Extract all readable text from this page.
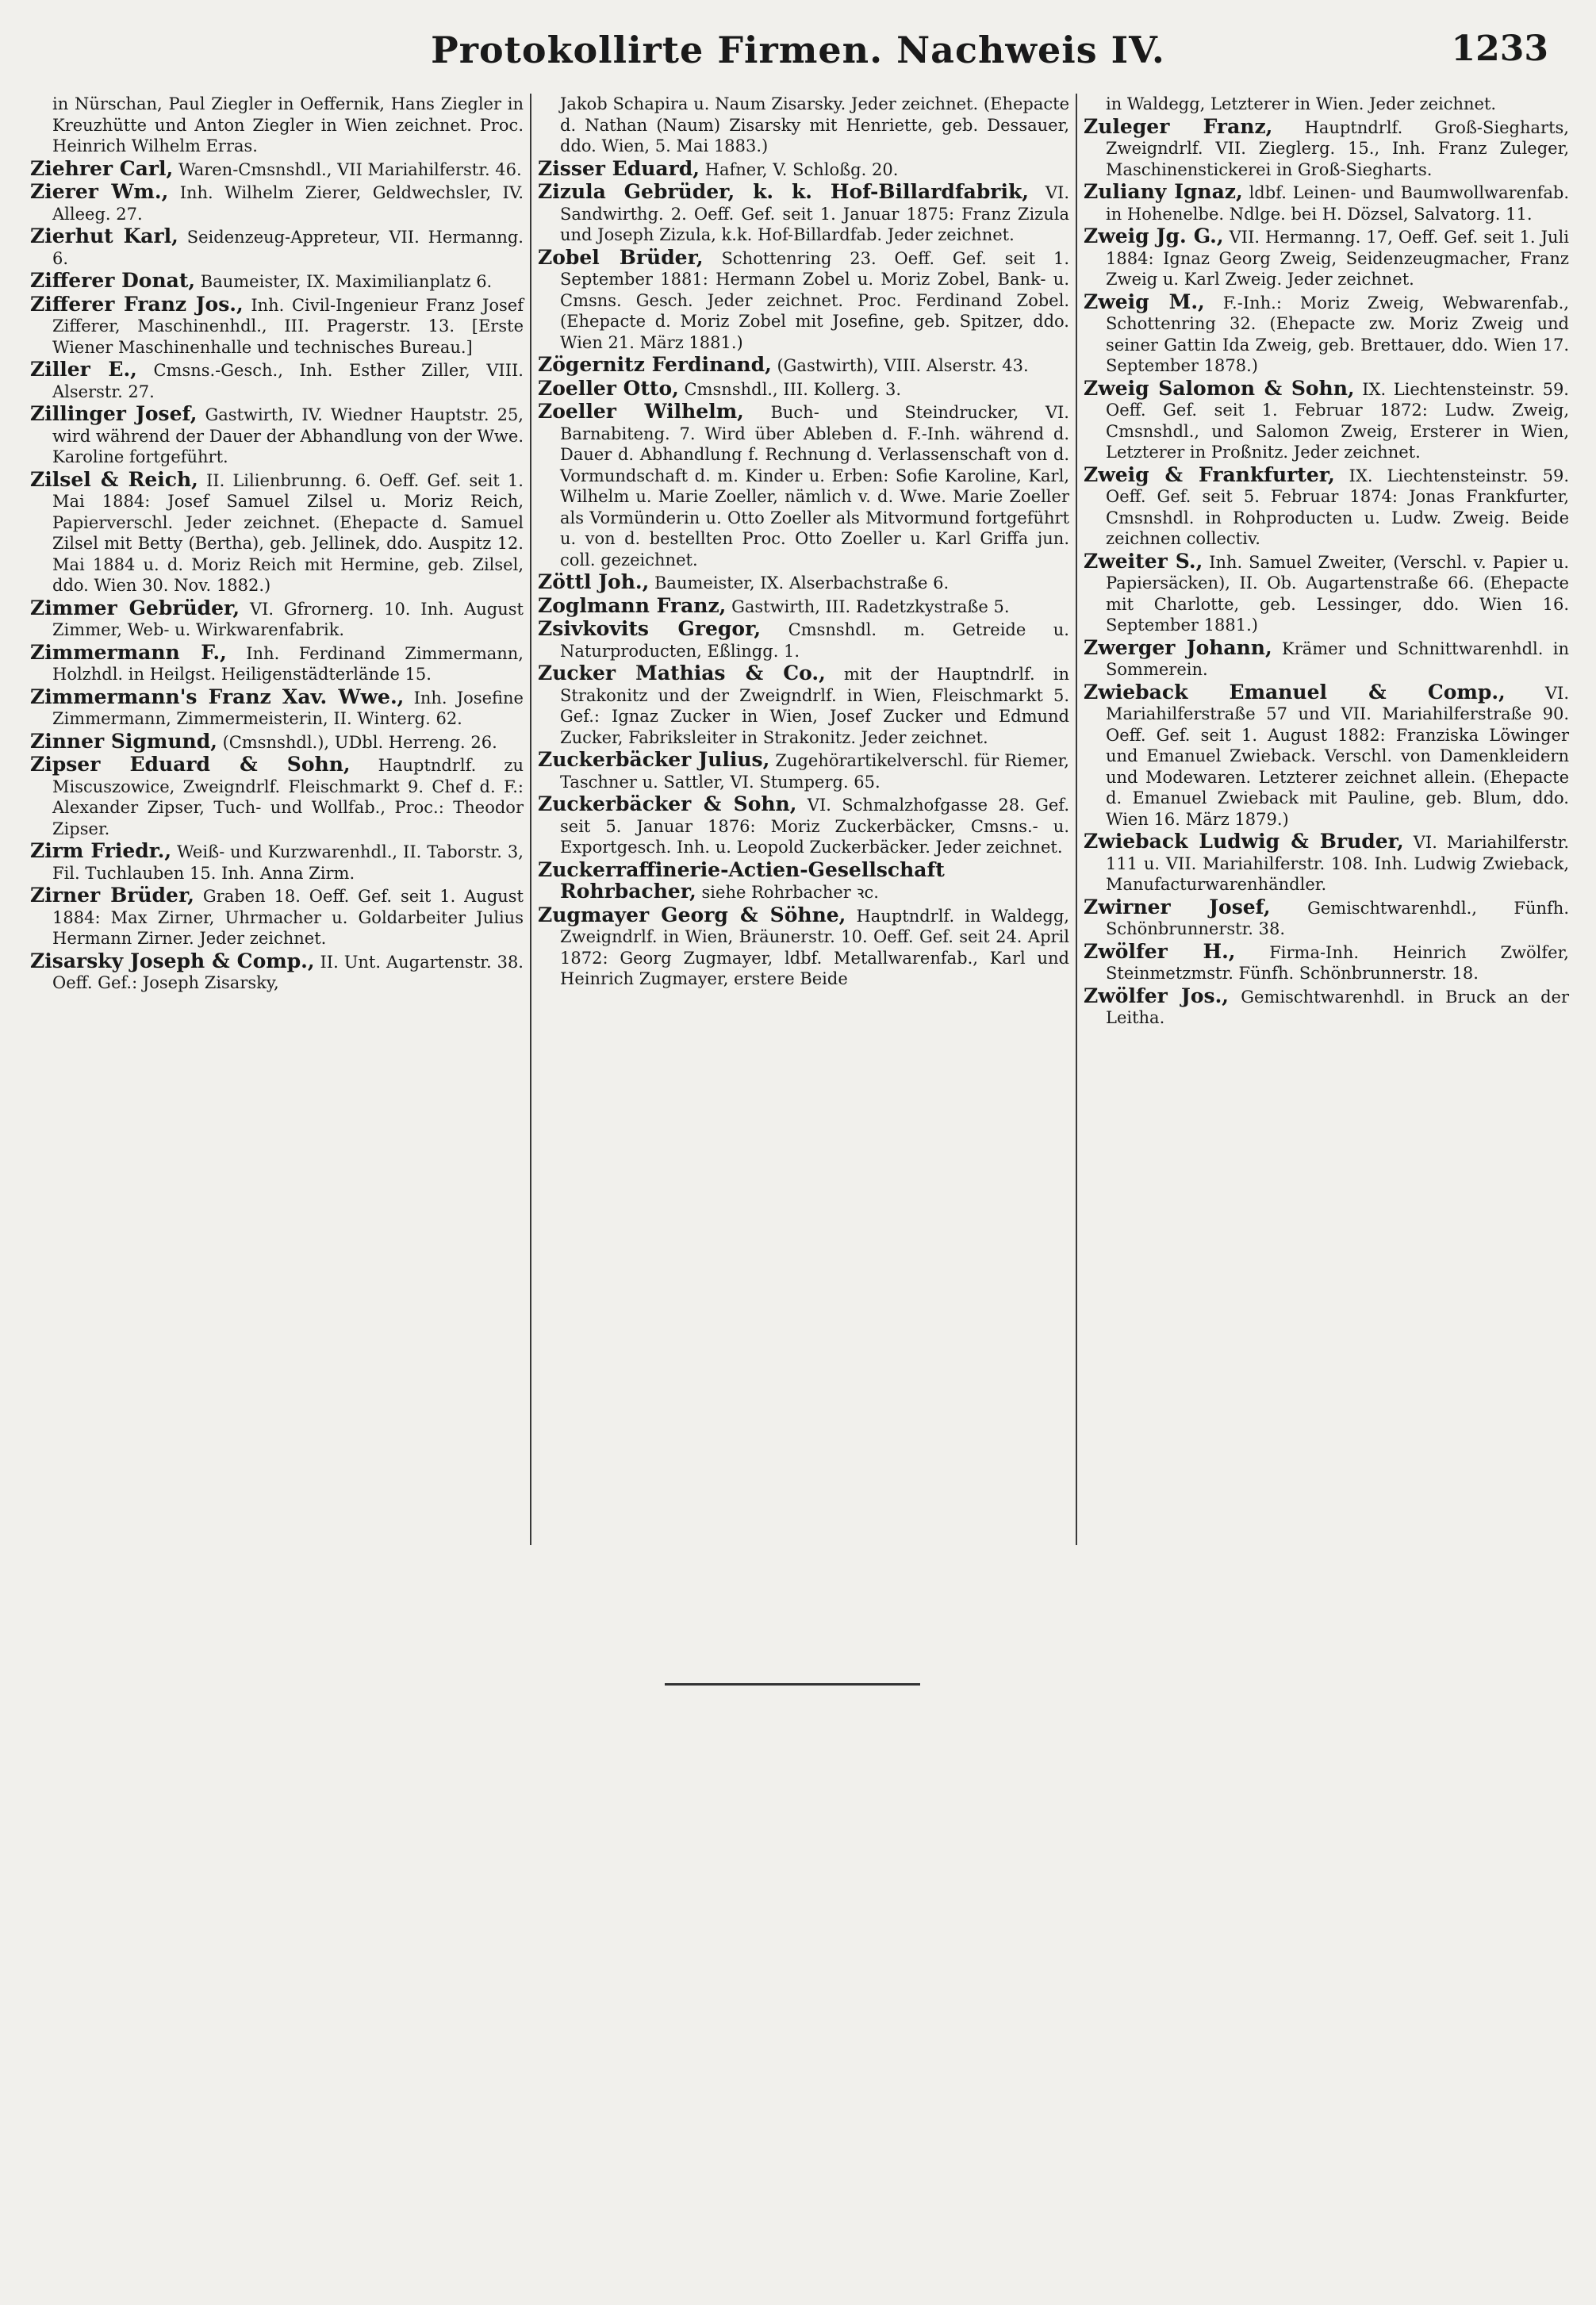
Protokollirte Firmen. Nachweis IV.	1233

in Nürschan, Paul Ziegler in Oeffernik, Hans Ziegler in Kreuzhütte und Anton Ziegler in Wien zeichnet. Proc. Heinrich Wilhelm Erras.

Ziehrer Carl, Waren-Cmsnshdl., VII Mariahilferstr. 46.

Zierer Wm., Inh. Wilhelm Zierer, Geldwechsler, IV. Alleeg. 27.

Zierhut Karl, Seidenzeug-Appreteur, VII. Hermanng. 6.

Zifferer Donat, Baumeister, IX. Maximilianplatz 6.

Zifferer Franz Jos., Inh. Civil-Ingenieur Franz Josef Zifferer, Maschinenhdl., III. Pragerstr. 13. [Erste Wiener Maschinenhalle und technisches Bureau.]

Ziller E., Cmsns.-Gesch., Inh. Esther Ziller, VIII. Alserstr. 27.

Zillinger Josef, Gastwirth, IV. Wiedner Hauptstr. 25, wird während der Dauer der Abhandlung von der Wwe. Karoline fortgeführt.

Zilsel & Reich, II. Lilienbrunng. 6. Oeff. Gef. seit 1. Mai 1884: Josef Samuel Zilsel u. Moriz Reich, Papierverschl. Jeder zeichnet. (Ehepacte d. Samuel Zilsel mit Betty (Bertha), geb. Jellinek, ddo. Auspitz 12. Mai 1884 u. d. Moriz Reich mit Hermine, geb. Zilsel, ddo. Wien 30. Nov. 1882.)

Zimmer Gebrüder, VI. Gfrornerg. 10. Inh. August Zimmer, Web- u. Wirkwarenfabrik.

Zimmermann F., Inh. Ferdinand Zimmermann, Holzhdl. in Heilgst. Heiligenstädterlände 15.

Zimmermann's Franz Xav. Wwe., Inh. Josefine Zimmermann, Zimmermeisterin, II. Winterg. 62.

Zinner Sigmund, (Cmsnshdl.), UDbl. Herreng. 26.

Zipser Eduard & Sohn, Hauptndrlf. zu Miscuszowice, Zweigndrlf. Fleischmarkt 9. Chef d. F.: Alexander Zipser, Tuch- und Wollfab., Proc.: Theodor Zipser.

Zirm Friedr., Weiß- und Kurzwarenhdl., II. Taborstr. 3, Fil. Tuchlauben 15. Inh. Anna Zirm.

Zirner Brüder, Graben 18. Oeff. Gef. seit 1. August 1884: Max Zirner, Uhrmacher u. Goldarbeiter Julius Hermann Zirner. Jeder zeichnet.

Zisarsky Joseph & Comp., II. Unt. Augartenstr. 38. Oeff. Gef.: Joseph Zisarsky,

Jakob Schapira u. Naum Zisarsky. Jeder zeichnet. (Ehepacte d. Nathan (Naum) Zisarsky mit Henriette, geb. Dessauer, ddo. Wien, 5. Mai 1883.)

Zisser Eduard, Hafner, V. Schloßg. 20.

Zizula Gebrüder, k. k. Hof-Billardfabrik, VI. Sandwirthg. 2. Oeff. Gef. seit 1. Januar 1875: Franz Zizula und Joseph Zizula, k.k. Hof-Billardfab. Jeder zeichnet.

Zobel Brüder, Schottenring 23. Oeff. Gef. seit 1. September 1881: Hermann Zobel u. Moriz Zobel, Bank- u. Cmsns. Gesch. Jeder zeichnet. Proc. Ferdinand Zobel. (Ehepacte d. Moriz Zobel mit Josefine, geb. Spitzer, ddo. Wien 21. März 1881.)

Zögernitz Ferdinand, (Gastwirth), VIII. Alserstr. 43.

Zoeller Otto, Cmsnshdl., III. Kollerg. 3.

Zoeller Wilhelm, Buch- und Steindrucker, VI. Barnabiteng. 7. Wird über Ableben d. F.-Inh. während d. Dauer d. Abhandlung f. Rechnung d. Verlassenschaft von d. Vormundschaft d. m. Kinder u. Erben: Sofie Karoline, Karl, Wilhelm u. Marie Zoeller, nämlich v. d. Wwe. Marie Zoeller als Vormünderin u. Otto Zoeller als Mitvormund fortgeführt u. von d. bestellten Proc. Otto Zoeller u. Karl Griffa jun. coll. gezeichnet.

Zöttl Joh., Baumeister, IX. Alserbachstraße 6.

Zoglmann Franz, Gastwirth, III. Radetzkystraße 5.

Zsivkovits Gregor, Cmsnshdl. m. Getreide u. Naturproducten, Eßlingg. 1.

Zucker Mathias & Co., mit der Hauptndrlf. in Strakonitz und der Zweigndrlf. in Wien, Fleischmarkt 5. Gef.: Ignaz Zucker in Wien, Josef Zucker und Edmund Zucker, Fabriksleiter in Strakonitz. Jeder zeichnet.

Zuckerbäcker Julius, Zugehörartikelverschl. für Riemer, Taschner u. Sattler, VI. Stumperg. 65.

Zuckerbäcker & Sohn, VI. Schmalzhofgasse 28. Gef. seit 5. Januar 1876: Moriz Zuckerbäcker, Cmsns.- u. Exportgesch. Inh. u. Leopold Zuckerbäcker. Jeder zeichnet.

Zuckerraffinerie-Actien-Gesellschaft Rohrbacher, siehe Rohrbacher ꝛc.

Zugmayer Georg & Söhne, Hauptndrlf. in Waldegg, Zweigndrlf. in Wien, Bräunerstr. 10. Oeff. Gef. seit 24. April 1872: Georg Zugmayer, ldbf. Metallwarenfab., Karl und Heinrich Zugmayer, erstere Beide

in Waldegg, Letzterer in Wien. Jeder zeichnet.

Zuleger Franz, Hauptndrlf. Groß-Siegharts, Zweigndrlf. VII. Zieglerg. 15., Inh. Franz Zuleger, Maschinenstickerei in Groß-Siegharts.

Zuliany Ignaz, ldbf. Leinen- und Baumwollwarenfab. in Hohenelbe. Ndlge. bei H. Dözsel, Salvatorg. 11.

Zweig Jg. G., VII. Hermanng. 17, Oeff. Gef. seit 1. Juli 1884: Ignaz Georg Zweig, Seidenzeugmacher, Franz Zweig u. Karl Zweig. Jeder zeichnet.

Zweig M., F.-Inh.: Moriz Zweig, Webwarenfab., Schottenring 32. (Ehepacte zw. Moriz Zweig und seiner Gattin Ida Zweig, geb. Brettauer, ddo. Wien 17. September 1878.)

Zweig Salomon & Sohn, IX. Liechtensteinstr. 59. Oeff. Gef. seit 1. Februar 1872: Ludw. Zweig, Cmsnshdl., und Salomon Zweig, Ersterer in Wien, Letzterer in Proßnitz. Jeder zeichnet.

Zweig & Frankfurter, IX. Liechtensteinstr. 59. Oeff. Gef. seit 5. Februar 1874: Jonas Frankfurter, Cmsnshdl. in Rohproducten u. Ludw. Zweig. Beide zeichnen collectiv.

Zweiter S., Inh. Samuel Zweiter, (Verschl. v. Papier u. Papiersäcken), II. Ob. Augartenstraße 66. (Ehepacte mit Charlotte, geb. Lessinger, ddo. Wien 16. September 1881.)

Zwerger Johann, Krämer und Schnittwarenhdl. in Sommerein.

Zwieback Emanuel & Comp., VI. Mariahilferstraße 57 und VII. Mariahilferstraße 90. Oeff. Gef. seit 1. August 1882: Franziska Löwinger und Emanuel Zwieback. Verschl. von Damenkleidern und Modewaren. Letzterer zeichnet allein. (Ehepacte d. Emanuel Zwieback mit Pauline, geb. Blum, ddo. Wien 16. März 1879.)

Zwieback Ludwig & Bruder, VI. Mariahilferstr. 111 u. VII. Mariahilferstr. 108. Inh. Ludwig Zwieback, Manufacturwarenhändler.

Zwirner Josef, Gemischtwarenhdl., Fünfh. Schönbrunnerstr. 38.

Zwölfer H., Firma-Inh. Heinrich Zwölfer, Steinmetzmstr. Fünfh. Schönbrunnerstr. 18.

Zwölfer Jos., Gemischtwarenhdl. in Bruck an der Leitha.
